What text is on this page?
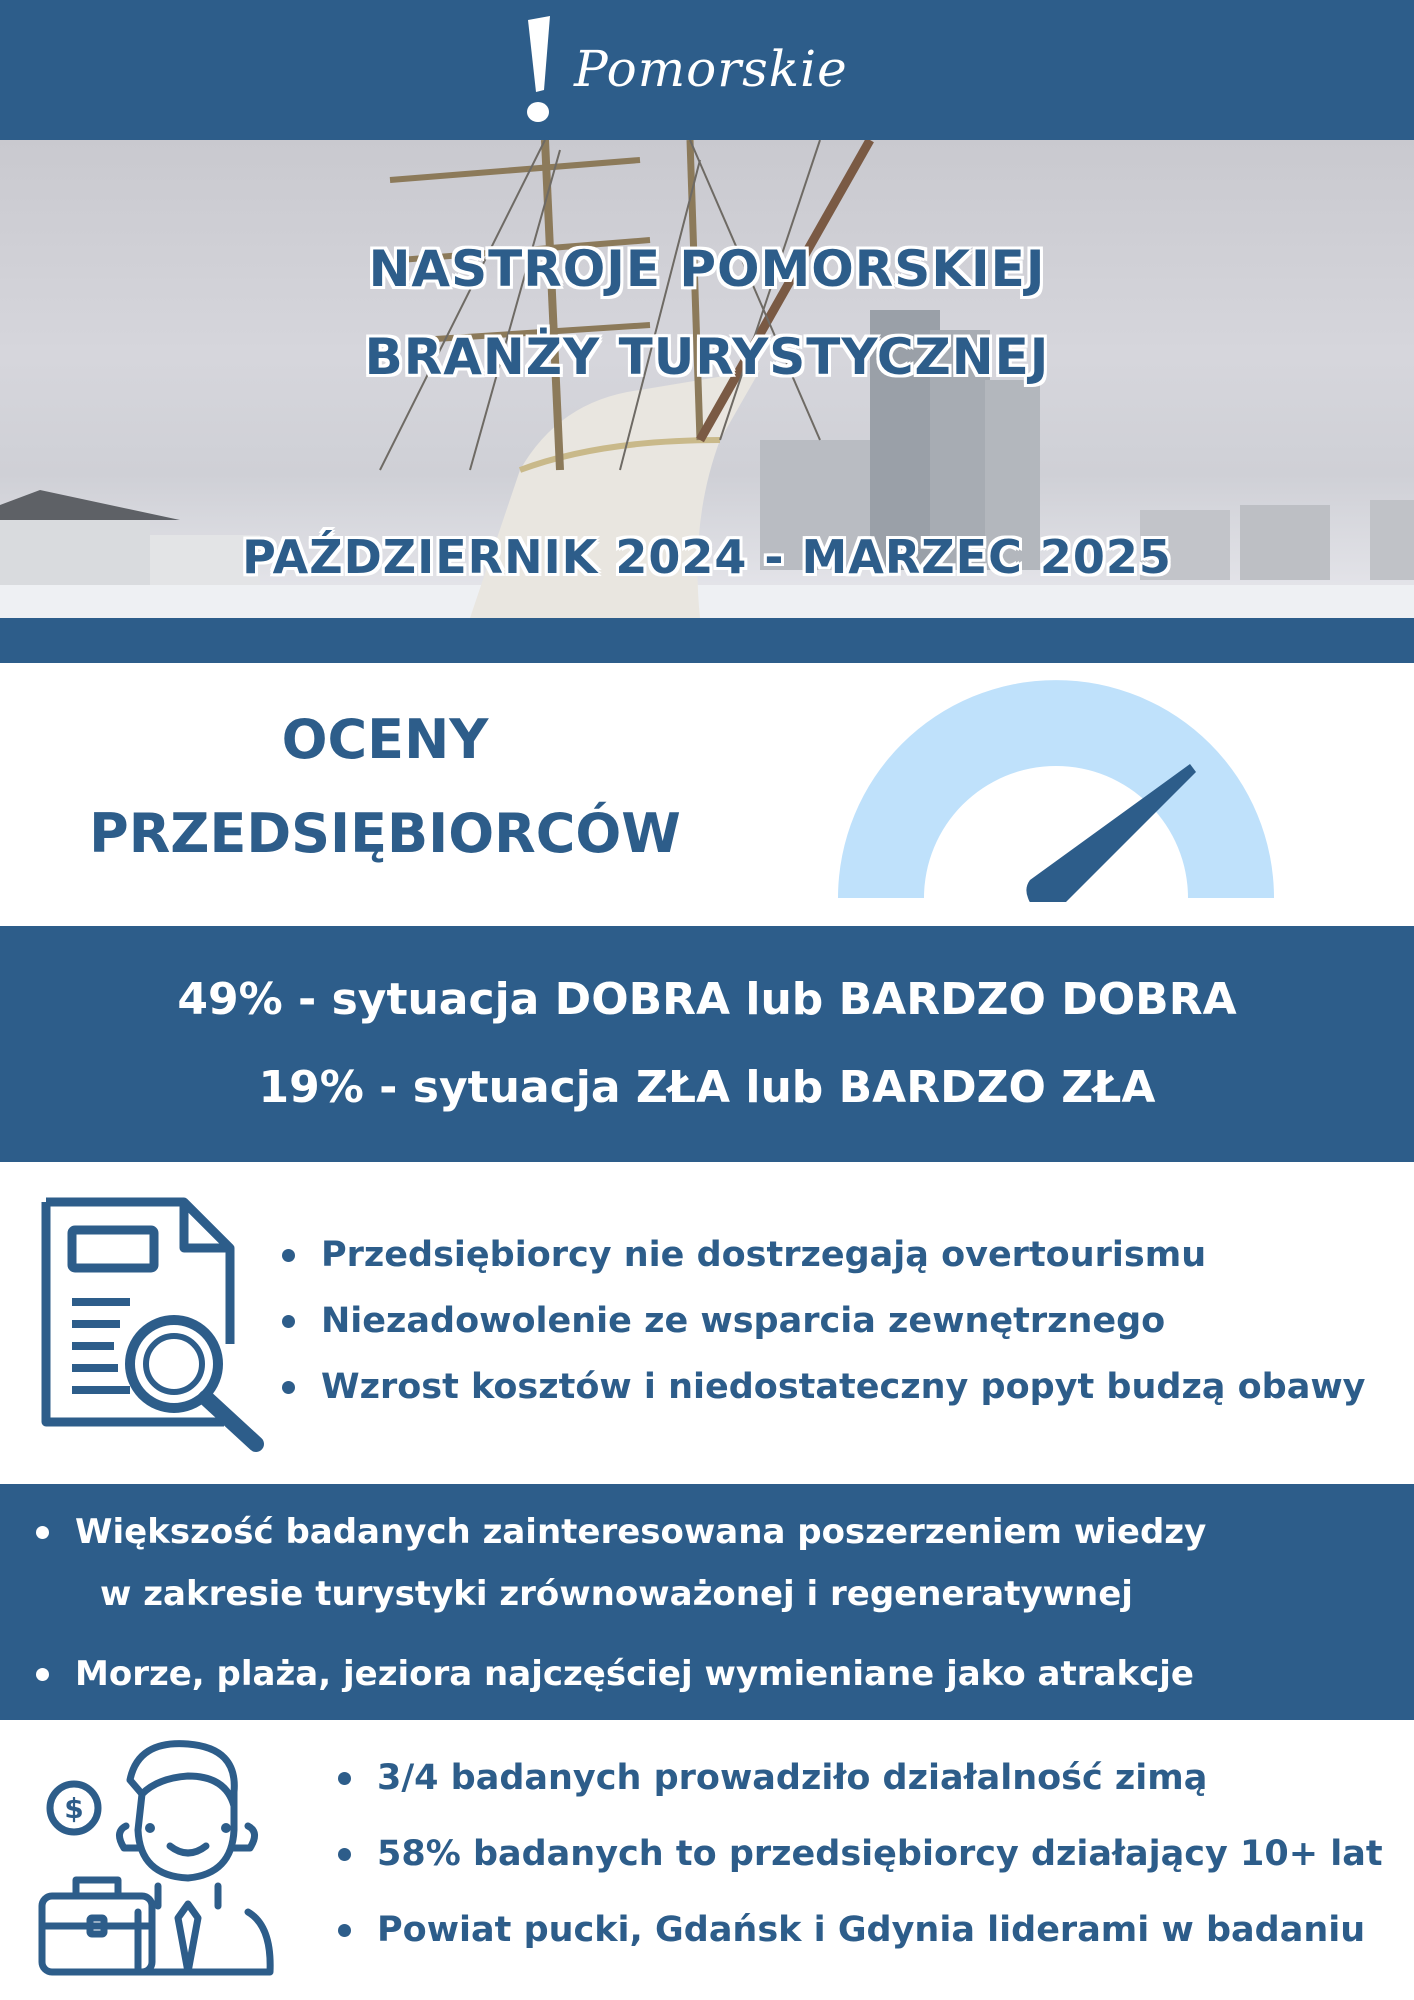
Pomorskie
NASTROJE POMORSKIEJ
BRANŻY TURYSTYCZNEJ
PAŹDZIERNIK 2024 - MARZEC 2025
OCENY
PRZEDSIĘBIORCÓW
49% - sytuacja DOBRA lub BARDZO DOBRA
19% - sytuacja ZŁA lub BARDZO ZŁA
Przedsiębiorcy nie dostrzegają overtourismu
Niezadowolenie ze wsparcia zewnętrznego
Wzrost kosztów i niedostateczny popyt budzą obawy
Większość badanych zainteresowana poszerzeniem wiedzy
w zakresie turystyki zrównoważonej i regeneratywnej
Morze, plaża, jeziora najczęściej wymieniane jako atrakcje
$
3/4 badanych prowadziło działalność zimą
58% badanych to przedsiębiorcy działający 10+ lat
Powiat pucki, Gdańsk i Gdynia liderami w badaniu
